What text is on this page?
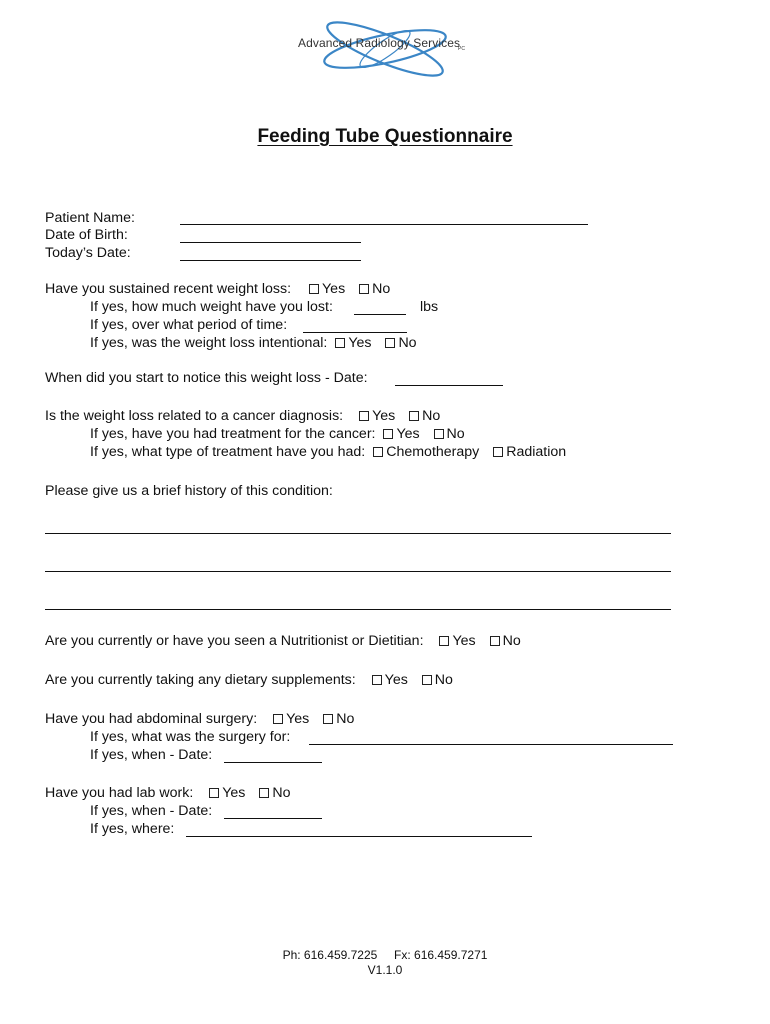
Advanced Radiology Services
PC
Feeding Tube Questionnaire
Patient Name:
Date of Birth:
Today’s Date:
Have you sustained recent weight loss: Yes No
If yes, how much weight have you lost:	lbs
If yes, over what period of time:
If yes, was the weight loss intentional: Yes No
When did you start to notice this weight loss - Date:
Is the weight loss related to a cancer diagnosis: Yes No
If yes, have you had treatment for the cancer: Yes No
If yes, what type of treatment have you had: Chemotherapy Radiation
Please give us a brief history of this condition:
Are you currently or have you seen a Nutritionist or Dietitian: Yes No
Are you currently taking any dietary supplements: Yes No
Have you had abdominal surgery: Yes No
If yes, what was the surgery for:
If yes, when - Date:
Have you had lab work: Yes No
If yes, when - Date:
If yes, where:
Ph: 616.459.7225 Fx: 616.459.7271
V1.1.0
